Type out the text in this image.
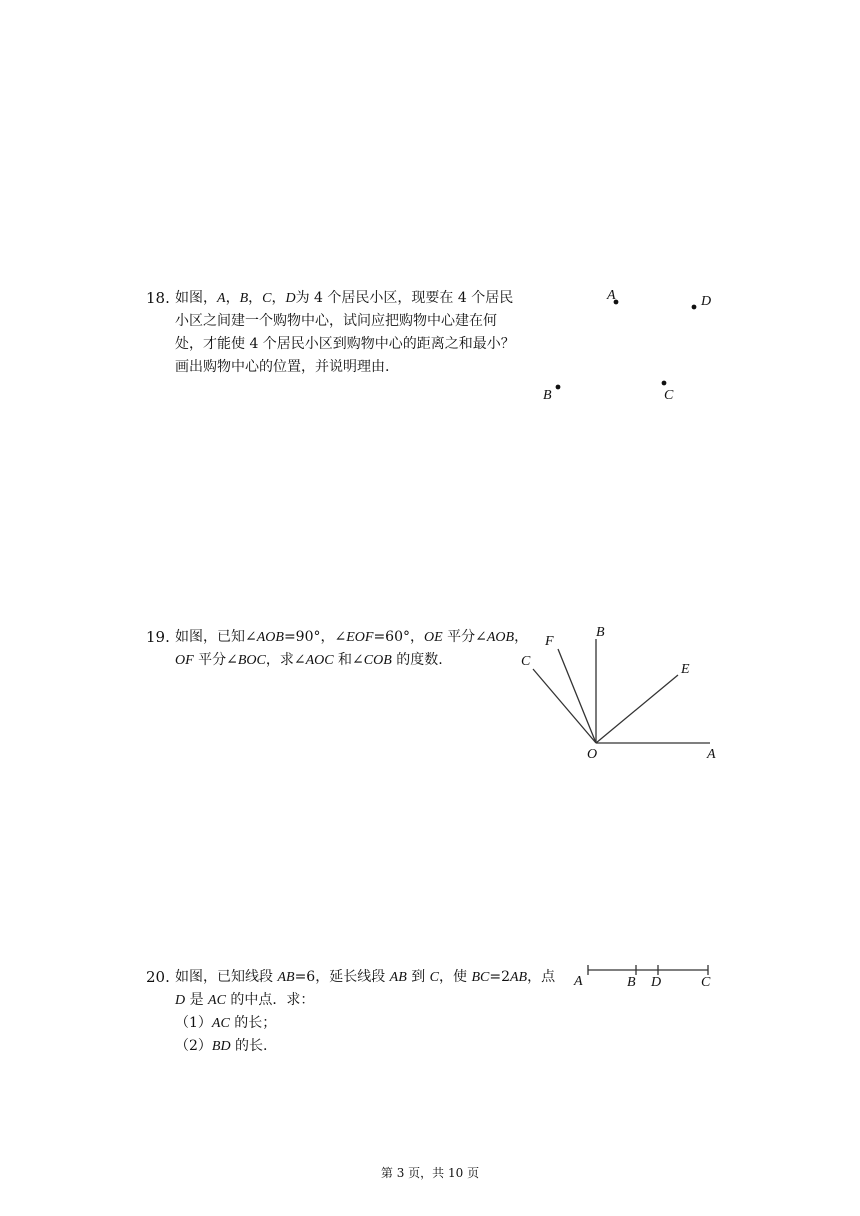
18. 如图，A，B，C，D为 4 个居民小区，现要在 4 个居民
小区之间建一个购物中心，试问应把购物中心建在何
处，才能使 4 个居民小区到购物中心的距离之和最小？
画出购物中心的位置，并说明理由.
A	D
B	C
19. 如图，已知∠AOB=90°，∠EOF=60°，OE 平分∠AOB，
OF 平分∠BOC，求∠AOC 和∠COB 的度数.
O	A
B
E
F
C
20. 如图，已知线段 AB=6，延长线段 AB 到 C，使 BC=2AB，点
D 是 AC 的中点．求：
（1）AC 的长；
（2）BD 的长.
A	B D	C
第 3 页，共 10 页
